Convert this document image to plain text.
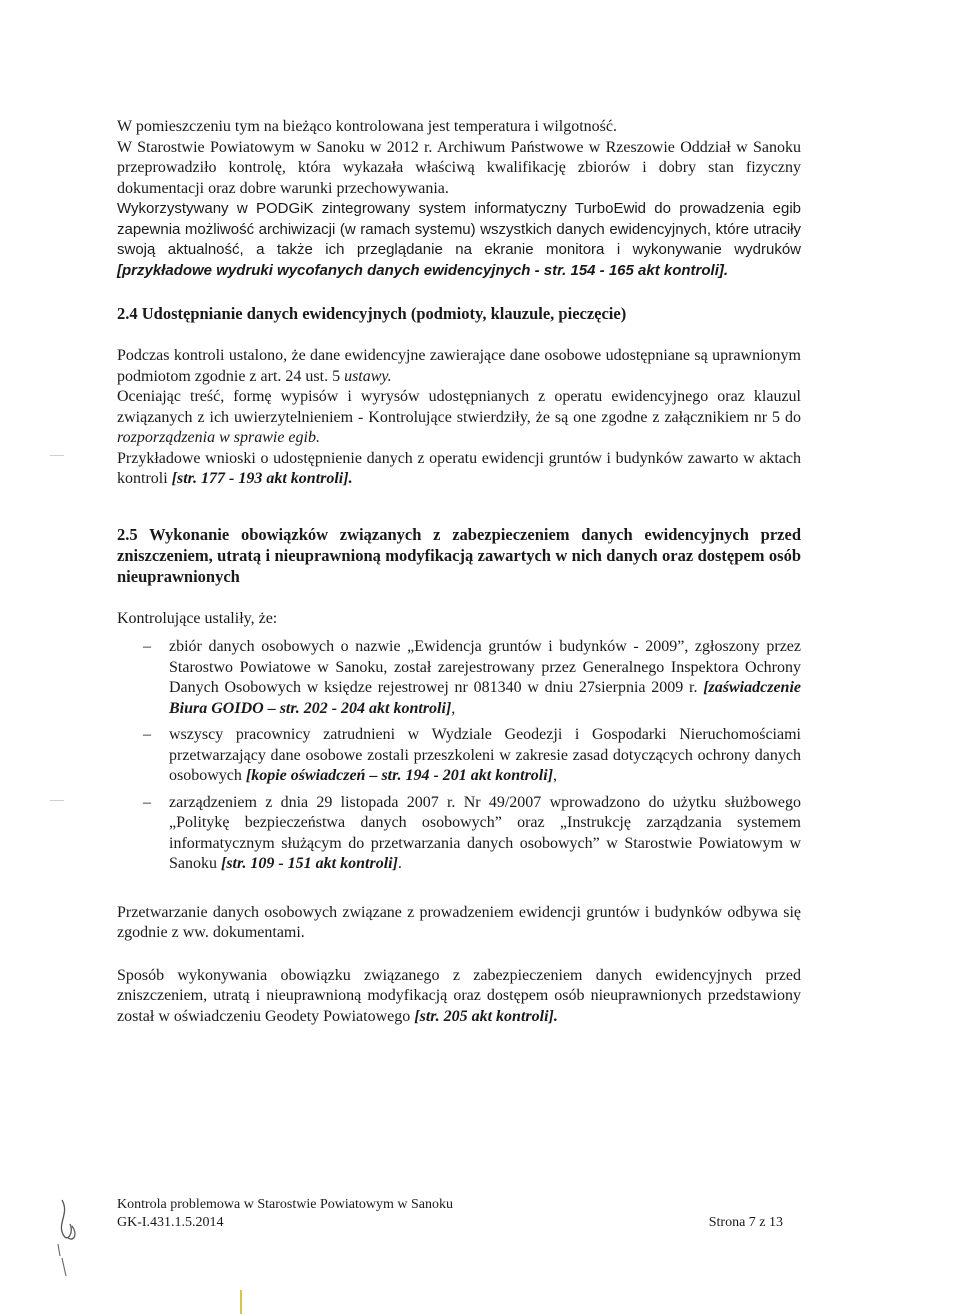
W pomieszczeniu tym na bieżąco kontrolowana jest temperatura i wilgotność.

W Starostwie Powiatowym w Sanoku w 2012 r. Archiwum Państwowe w Rzeszowie Oddział w Sanoku przeprowadziło kontrolę, która wykazała właściwą kwalifikację zbiorów i dobry stan fizyczny dokumentacji oraz dobre warunki przechowywania.

Wykorzystywany w PODGiK zintegrowany system informatyczny TurboEwid do prowadzenia egib zapewnia możliwość archiwizacji (w ramach systemu) wszystkich danych ewidencyjnych, które utraciły swoją aktualność, a także ich przeglądanie na ekranie monitora i wykonywanie wydruków [przykładowe wydruki wycofanych danych ewidencyjnych - str. 154 - 165 akt kontroli].

2.4 Udostępnianie danych ewidencyjnych (podmioty, klauzule, pieczęcie)

Podczas kontroli ustalono, że dane ewidencyjne zawierające dane osobowe udostępniane są uprawnionym podmiotom zgodnie z art. 24 ust. 5 ustawy.

Oceniając treść, formę wypisów i wyrysów udostępnianych z operatu ewidencyjnego oraz klauzul związanych z ich uwierzytelnieniem - Kontrolujące stwierdziły, że są one zgodne z załącznikiem nr 5 do rozporządzenia w sprawie egib.

Przykładowe wnioski o udostępnienie danych z operatu ewidencji gruntów i budynków zawarto w aktach kontroli [str. 177 - 193 akt kontroli].

2.5 Wykonanie obowiązków związanych z zabezpieczeniem danych ewidencyjnych przed zniszczeniem, utratą i nieuprawnioną modyfikacją zawartych w nich danych oraz dostępem osób nieuprawnionych

Kontrolujące ustaliły, że:

– zbiór danych osobowych o nazwie „Ewidencja gruntów i budynków - 2009”, zgłoszony przez Starostwo Powiatowe w Sanoku, został zarejestrowany przez Generalnego Inspektora Ochrony Danych Osobowych w księdze rejestrowej nr 081340 w dniu 27sierpnia 2009 r. [zaświadczenie Biura GOIDO – str. 202 - 204 akt kontroli],
– wszyscy pracownicy zatrudnieni w Wydziale Geodezji i Gospodarki Nieruchomościami przetwarzający dane osobowe zostali przeszkoleni w zakresie zasad dotyczących ochrony danych osobowych [kopie oświadczeń – str. 194 - 201 akt kontroli],
– zarządzeniem z dnia 29 listopada 2007 r. Nr 49/2007 wprowadzono do użytku służbowego „Politykę bezpieczeństwa danych osobowych” oraz „Instrukcję zarządzania systemem informatycznym służącym do przetwarzania danych osobowych” w Starostwie Powiatowym w Sanoku [str. 109 - 151 akt kontroli].

Przetwarzanie danych osobowych związane z prowadzeniem ewidencji gruntów i budynków odbywa się zgodnie z ww. dokumentami.

Sposób wykonywania obowiązku związanego z zabezpieczeniem danych ewidencyjnych przed zniszczeniem, utratą i nieuprawnioną modyfikacją oraz dostępem osób nieuprawnionych przedstawiony został w oświadczeniu Geodety Powiatowego [str. 205 akt kontroli].

Kontrola problemowa w Starostwie Powiatowym w Sanoku
GK-I.431.1.5.2014	Strona 7 z 13
